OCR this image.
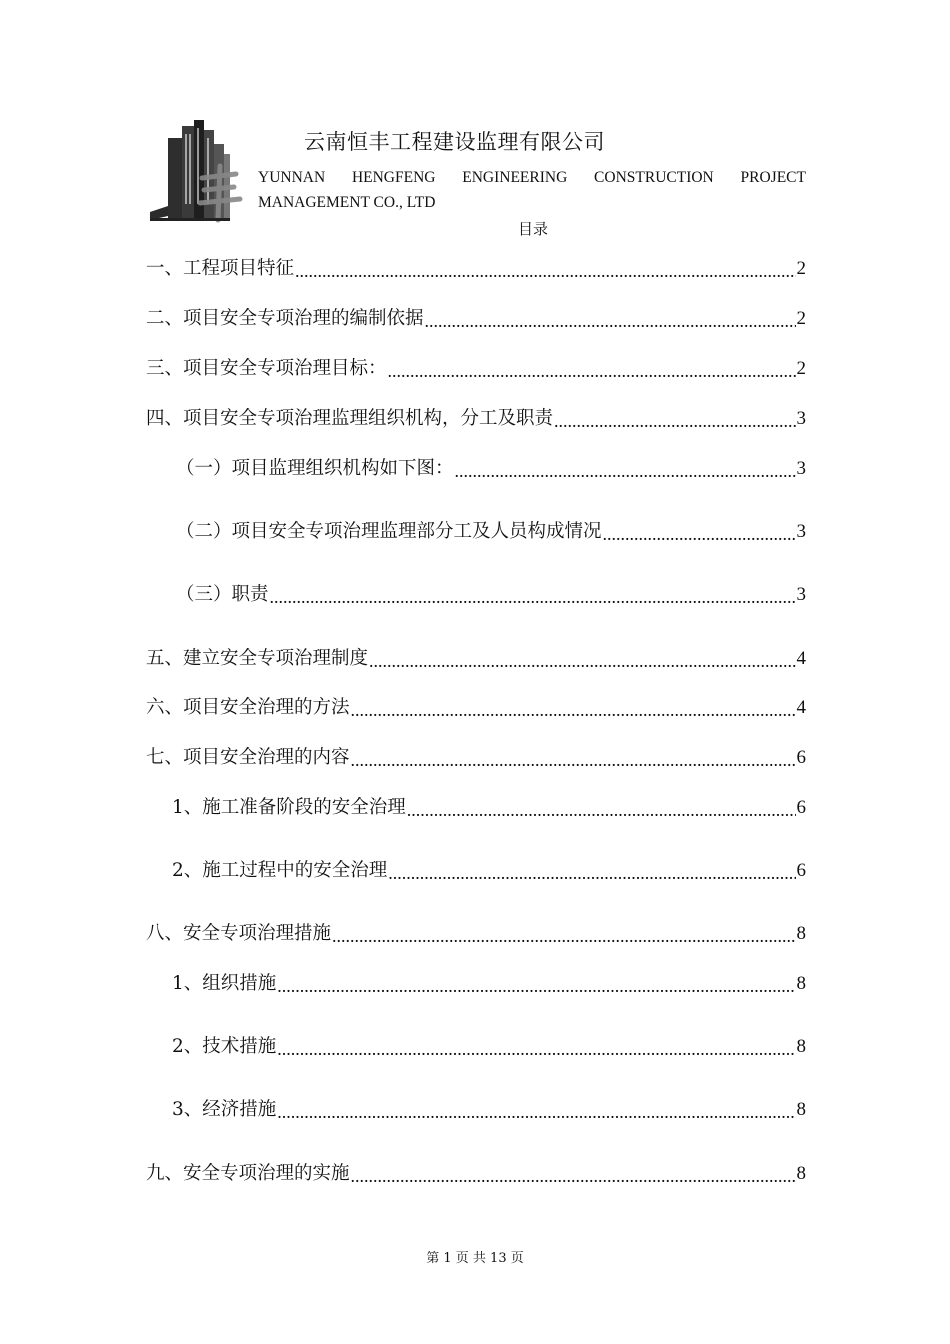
云南恒丰工程建设监理有限公司
YUNNAN HENGFENG ENGINEERING CONSTRUCTION PROJECT MANAGEMENT CO., LTD
目录
一、工程项目特征 .....	2
二、项目安全专项治理的编制依据 .....	2
三、项目安全专项治理目标： .....	2
四、项目安全专项治理监理组织机构，分工及职责 .....	3
（一）项目监理组织机构如下图： .....	3
（二）项目安全专项治理监理部分工及人员构成情况 .....	3
（三）职责 .....	3
五、建立安全专项治理制度 .....	4
六、项目安全治理的方法 .....	4
七、项目安全治理的内容 .....	6
1、施工准备阶段的安全治理 .....	6
2、施工过程中的安全治理 .....	6
八、安全专项治理措施 .....	8
1、组织措施 .....	8
2、技术措施 .....	8
3、经济措施 .....	8
九、安全专项治理的实施 .....	8
第 1 页 共 13 页
